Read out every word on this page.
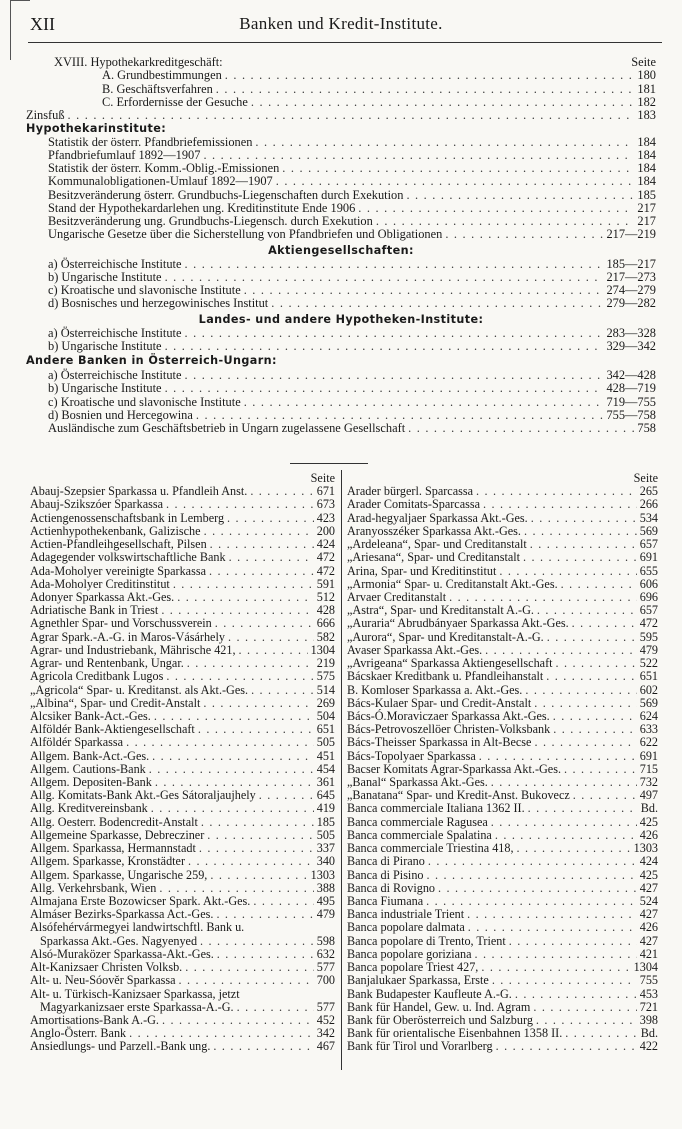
XII	Banken und Kredit-Institute.
XVIII. Hypothekarkreditgeschäft:	Seite
A. Grundbestimmungen . . .	180
B. Geschäftsverfahren . . .	181
C. Erfordernisse der Gesuche . . .	182
Zinsfuß . . .	183
Hypothekarinstitute:
Statistik der österr. Pfandbriefemissionen . . .	184
Pfandbriefumlauf 1892—1907 . . .	184
Statistik der österr. Komm.-Oblig.-Emissionen . . .	184
Kommunalobligationen-Umlauf 1892—1907 . . .	184
Besitzveränderung österr. Grundbuchs-Liegenschaften durch Exekution . . .	185
Stand der Hypothekardarlehen ung. Kreditinstitute Ende 1906 . . .	217
Besitzveränderung ung. Grundbuchs-Liegensch. durch Exekution . . .	217
Ungarische Gesetze über die Sicherstellung von Pfandbriefen und Obligationen . . .	217—219
Aktiengesellschaften:
a) Österreichische Institute . . .	185—217
b) Ungarische Institute . . .	217—273
c) Kroatische und slavonische Institute . . .	274—279
d) Bosnisches und herzegowinisches Institut . . .	279—282
Landes- und andere Hypotheken-Institute:
a) Österreichische Institute . . .	283—328
b) Ungarische Institute . . .	329—342
Andere Banken in Österreich-Ungarn:
a) Österreichische Institute . . .	342—428
b) Ungarische Institute . . .	428—719
c) Kroatische und slavonische Institute . . .	719—755
d) Bosnien und Hercegowina . . .	755—758
Ausländische zum Geschäftsbetrieb in Ungarn zugelassene Gesellschaft . . .	758
Seite
Abauj-Szepsier Sparkassa u. Pfandleih Anst. . . .	671
Abauj-Szikszóer Sparkassa . . .	673
Actiengenossenschaftsbank in Lemberg . . .	423
Actienhypothekenbank, Galizische . . .	200
Actien-Pfandleihgesellschaft, Pilsen . . .	424
Adagegender volkswirtschaftliche Bank . . .	472
Ada-Moholyer vereinigte Sparkassa . . .	472
Ada-Moholyer Creditinstitut . . .	591
Adonyer Sparkassa Akt.-Ges. . . .	512
Adriatische Bank in Triest . . .	428
Agnethler Spar- und Vorschussverein . . .	666
Agrar Spark.-A.-G. in Maros-Vásárhely . . .	582
Agrar- und Industriebank, Mährische 421, . . .	1304
Agrar- und Rentenbank, Ungar. . . .	219
Agricola Creditbank Lugos . . .	575
„Agricola“ Spar- u. Kreditanst. als Akt.-Ges. . . .	514
„Albina“, Spar- und Credit-Anstalt . . .	269
Alcsiker Bank-Act.-Ges. . . .	504
Alföldér Bank-Aktiengesellschaft . . .	651
Alföldér Sparkassa . . .	505
Allgem. Bank-Act.-Ges. . . .	451
Allgem. Cautions-Bank . . .	454
Allgem. Depositen-Bank . . .	361
Allg. Komitats-Bank Akt.-Ges Sátoraljaujhely . . .	645
Allg. Kreditvereinsbank . . .	419
Allg. Oesterr. Bodencredit-Anstalt . . .	185
Allgemeine Sparkasse, Debrecziner . . .	505
Allgem. Sparkassa, Hermannstadt . . .	337
Allgem. Sparkasse, Kronstädter . . .	340
Allgem. Sparkasse, Ungarische 259, . . .	1303
Allg. Verkehrsbank, Wien . . .	388
Almajana Erste Bozowicser Spark. Akt.-Ges. . . .	495
Almáser Bezirks-Sparkassa Act.-Ges. . . .	479
Alsófehérvármegyei landwirtschftl. Bank u.
Sparkassa Akt.-Ges. Nagyenyed . . .	598
Alsó-Muraközer Sparkassa-Akt.-Ges. . . .	632
Alt-Kanizsaer Christen Volksb. . . .	577
Alt- u. Neu-Sóověr Sparkassa . . .	700
Alt- u. Türkisch-Kanizsaer Sparkassa, jetzt
Magyarkanizsaer erste Sparkassa-A.-G. . . .	577
Amortisations-Bank A.-G. . . .	452
Anglo-Österr. Bank . . .	342
Ansiedlungs- und Parzell.-Bank ung. . . .	467
Seite
Arader bürgerl. Sparcassa . . .	265
Arader Comitats-Sparcassa . . .	266
Arad-hegyaljaer Sparkassa Akt.-Ges. . . .	534
Aranyosszéker Sparkassa Akt.-Ges. . . .	569
„Ardeleana“, Spar- und Creditanstalt . . .	657
„Ariesana“, Spar- und Creditanstalt . . .	691
Arina, Spar- und Kreditinstitut . . .	655
„Armonia“ Spar- u. Creditanstalt Akt.-Ges. . . .	606
Arvaer Creditanstalt . . .	696
„Astra“, Spar- und Kreditanstalt A.-G. . . .	657
„Auraria“ Abrudbányaer Sparkassa Akt.-Ges. . . .	472
„Aurora“, Spar- und Kreditanstalt-A.-G. . . .	595
Avaser Sparkassa Akt.-Ges. . . .	479
„Avrigeana“ Sparkassa Aktiengesellschaft . . .	522
Bácskaer Kreditbank u. Pfandleihanstalt . . .	651
B. Komloser Sparkassa a. Akt.-Ges. . . .	602
Bács-Kulaer Spar- und Credit-Anstalt . . .	569
Bács-Ó.Moraviczaer Sparkassa Akt.-Ges. . . .	624
Bács-Petrovoszellöer Christen-Volksbank . . .	633
Bács-Theisser Sparkassa in Alt-Becse . . .	622
Bács-Topolyaer Sparkassa . . .	691
Bacser Komitats Agrar-Sparkassa Akt.-Ges. . . .	715
„Banal“ Sparkassa Akt.-Ges. . . .	732
„Banatana“ Spar- und Kredit-Anst. Bukovecz . . .	497
Banca commerciale Italiana 1362 II. . . .	Bd.
Banca commerciale Ragusea . . .	425
Banca commerciale Spalatina . . .	426
Banca commerciale Triestina 418, . . .	1303
Banca di Pirano . . .	424
Banca di Pisino . . .	425
Banca di Rovigno . . .	427
Banca Fiumana . . .	524
Banca industriale Trient . . .	427
Banca popolare dalmata . . .	426
Banca popolare di Trento, Trient . . .	427
Banca popolare goriziana . . .	421
Banca popolare Triest 427, . . .	1304
Banjalukaer Sparkassa, Erste . . .	755
Bank Budapester Kaufleute A.-G. . . .	453
Bank für Handel, Gew. u. Ind. Agram . . .	721
Bank für Oberösterreich und Salzburg . . .	398
Bank für orientalische Eisenbahnen 1358 II. . . .	Bd.
Bank für Tirol und Vorarlberg . . .	422
